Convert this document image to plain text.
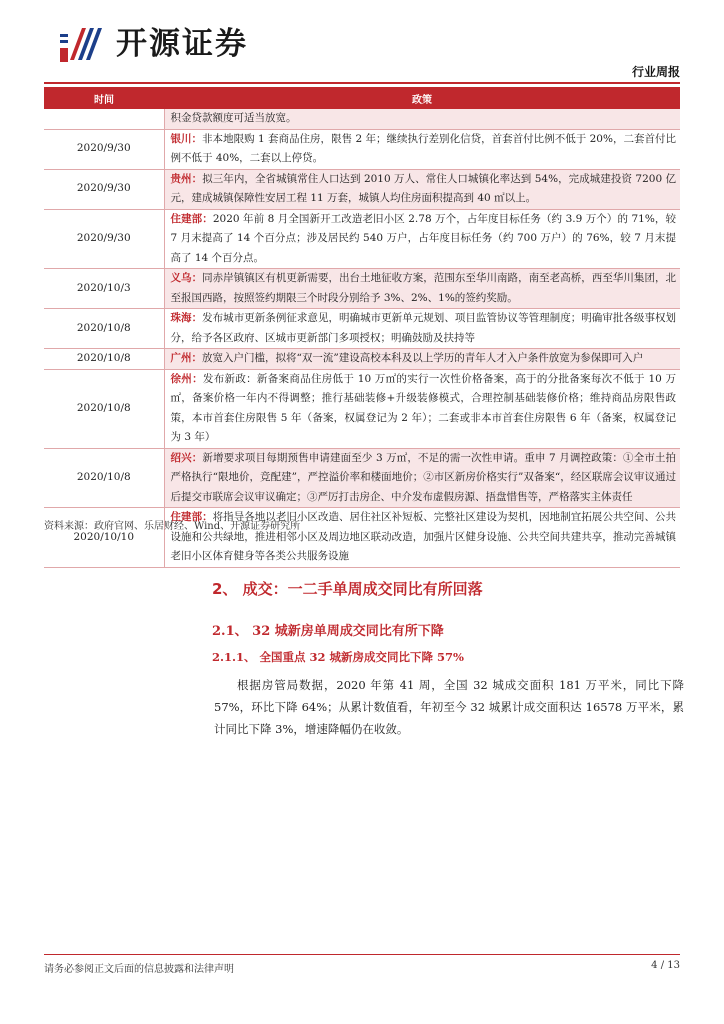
开源证券
行业周报
时间	政策
	积金贷款额度可适当放宽。
2020/9/30	银川：非本地限购 1 套商品住房，限售 2 年；继续执行差别化信贷，首套首付比例不低于 20%，二套首付比例不低于 40%，二套以上停贷。
2020/9/30	贵州：拟三年内，全省城镇常住人口达到 2010 万人、常住人口城镇化率达到 54%，完成城建投资 7200 亿元，建成城镇保障性安居工程 11 万套，城镇人均住房面积提高到 40 ㎡以上。
2020/9/30	住建部：2020 年前 8 月全国新开工改造老旧小区 2.78 万个，占年度目标任务（约 3.9 万个）的 71%，较 7 月末提高了 14 个百分点；涉及居民约 540 万户，占年度目标任务（约 700 万户）的 76%，较 7 月末提高了 14 个百分点。
2020/10/3	义乌：同赤岸镇镇区有机更新需要，出台土地征收方案，范围东至华川南路，南至老高桥，西至华川集团，北至报国西路，按照签约期限三个时段分别给予 3%、2%、1%的签约奖励。
2020/10/8	珠海：发布城市更新条例征求意见，明确城市更新单元规划、项目监管协议等管理制度；明确审批各级事权划分，给予各区政府、区城市更新部门多项授权；明确鼓励及扶持等
2020/10/8	广州：放宽入户门槛，拟将“双一流”建设高校本科及以上学历的青年人才入户条件放宽为参保即可入户
2020/10/8	徐州：发布新政：新备案商品住房低于 10 万㎡的实行一次性价格备案，高于的分批备案每次不低于 10 万㎡，备案价格一年内不得调整；推行基础装修+升级装修模式，合理控制基础装修价格；维持商品房限售政策，本市首套住房限售 5 年（备案，权属登记为 2 年）；二套或非本市首套住房限售 6 年（备案，权属登记为 3 年）
2020/10/8	绍兴：新增要求项目每期预售申请建面至少 3 万㎡，不足的需一次性申请。重申 7 月调控政策：①全市土拍严格执行“限地价，竞配建”，严控溢价率和楼面地价；②市区新房价格实行”双备案“，经区联席会议审议通过后提交市联席会议审议确定；③严厉打击房企、中介发布虚假房源、捂盘惜售等，严格落实主体责任
2020/10/10	住建部：将指导各地以老旧小区改造、居住社区补短板、完整社区建设为契机，因地制宜拓展公共空间、公共设施和公共绿地，推进相邻小区及周边地区联动改造，加强片区健身设施、公共空间共建共享，推动完善城镇老旧小区体育健身等各类公共服务设施
资料来源：政府官网、乐居财经、Wind、开源证券研究所
2、 成交：一二手单周成交同比有所回落
2.1、 32 城新房单周成交同比有所下降
2.1.1、 全国重点 32 城新房成交同比下降 57%

根据房管局数据，2020 年第 41 周，全国 32 城成交面积 181 万平米，同比下降 57%，环比下降 64%；从累计数值看，年初至今 32 城累计成交面积达 16578 万平米，累计同比下降 3%，增速降幅仍在收敛。

请务必参阅正文后面的信息披露和法律声明	4 / 13
